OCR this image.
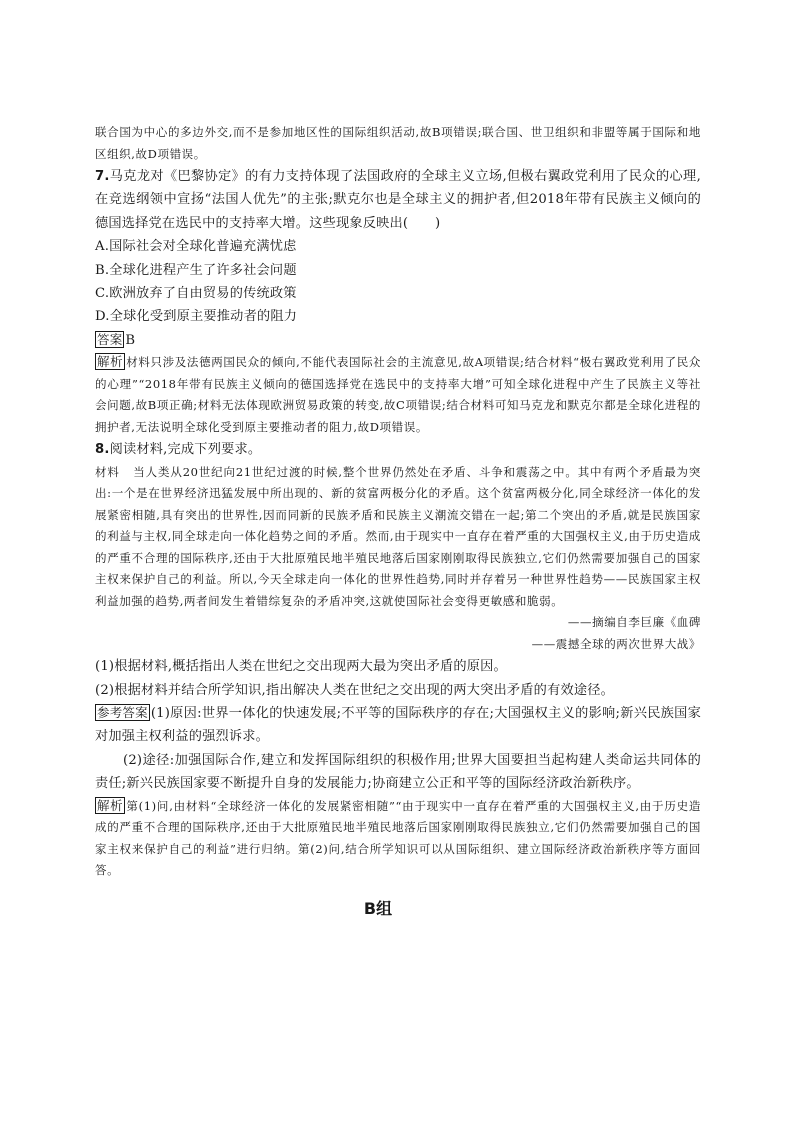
联合国为中心的多边外交,而不是参加地区性的国际组织活动,故B项错误;联合国、世卫组织和非盟等属于国际和地区组织,故D项错误。

7.马克龙对《巴黎协定》的有力支持体现了法国政府的全球主义立场,但极右翼政党利用了民众的心理,在竞选纲领中宣扬“法国人优先”的主张;默克尔也是全球主义的拥护者,但2018年带有民族主义倾向的德国选择党在选民中的支持率大增。这些现象反映出(　　)

A.国际社会对全球化普遍充满忧虑

B.全球化进程产生了许多社会问题

C.欧洲放弃了自由贸易的传统政策

D.全球化受到原主要推动者的阻力

答案 B

解析 材料只涉及法德两国民众的倾向,不能代表国际社会的主流意见,故A项错误;结合材料“极右翼政党利用了民众的心理”“2018年带有民族主义倾向的德国选择党在选民中的支持率大增”可知全球化进程中产生了民族主义等社会问题,故B项正确;材料无法体现欧洲贸易政策的转变,故C项错误;结合材料可知马克龙和默克尔都是全球化进程的拥护者,无法说明全球化受到原主要推动者的阻力,故D项错误。

8.阅读材料,完成下列要求。

材料 当人类从20世纪向21世纪过渡的时候,整个世界仍然处在矛盾、斗争和震荡之中。其中有两个矛盾最为突出:一个是在世界经济迅猛发展中所出现的、新的贫富两极分化的矛盾。这个贫富两极分化,同全球经济一体化的发展紧密相随,具有突出的世界性,因而同新的民族矛盾和民族主义潮流交错在一起;第二个突出的矛盾,就是民族国家的利益与主权,同全球走向一体化趋势之间的矛盾。然而,由于现实中一直存在着严重的大国强权主义,由于历史造成的严重不合理的国际秩序,还由于大批原殖民地半殖民地落后国家刚刚取得民族独立,它们仍然需要加强自己的国家主权来保护自己的利益。所以,今天全球走向一体化的世界性趋势,同时并存着另一种世界性趋势——民族国家主权利益加强的趋势,两者间发生着错综复杂的矛盾冲突,这就使国际社会变得更敏感和脆弱。

——摘编自李巨廉《血碑

——震撼全球的两次世界大战》

(1)根据材料,概括指出人类在世纪之交出现两大最为突出矛盾的原因。

(2)根据材料并结合所学知识,指出解决人类在世纪之交出现的两大突出矛盾的有效途径。

参考答案 (1)原因:世界一体化的快速发展;不平等的国际秩序的存在;大国强权主义的影响;新兴民族国家对加强主权利益的强烈诉求。

(2)途径:加强国际合作,建立和发挥国际组织的积极作用;世界大国要担当起构建人类命运共同体的责任;新兴民族国家要不断提升自身的发展能力;协商建立公正和平等的国际经济政治新秩序。

解析 第(1)问,由材料“全球经济一体化的发展紧密相随”“由于现实中一直存在着严重的大国强权主义,由于历史造成的严重不合理的国际秩序,还由于大批原殖民地半殖民地落后国家刚刚取得民族独立,它们仍然需要加强自己的国家主权来保护自己的利益”进行归纳。第(2)问,结合所学知识可以从国际组织、建立国际经济政治新秩序等方面回答。

B组
